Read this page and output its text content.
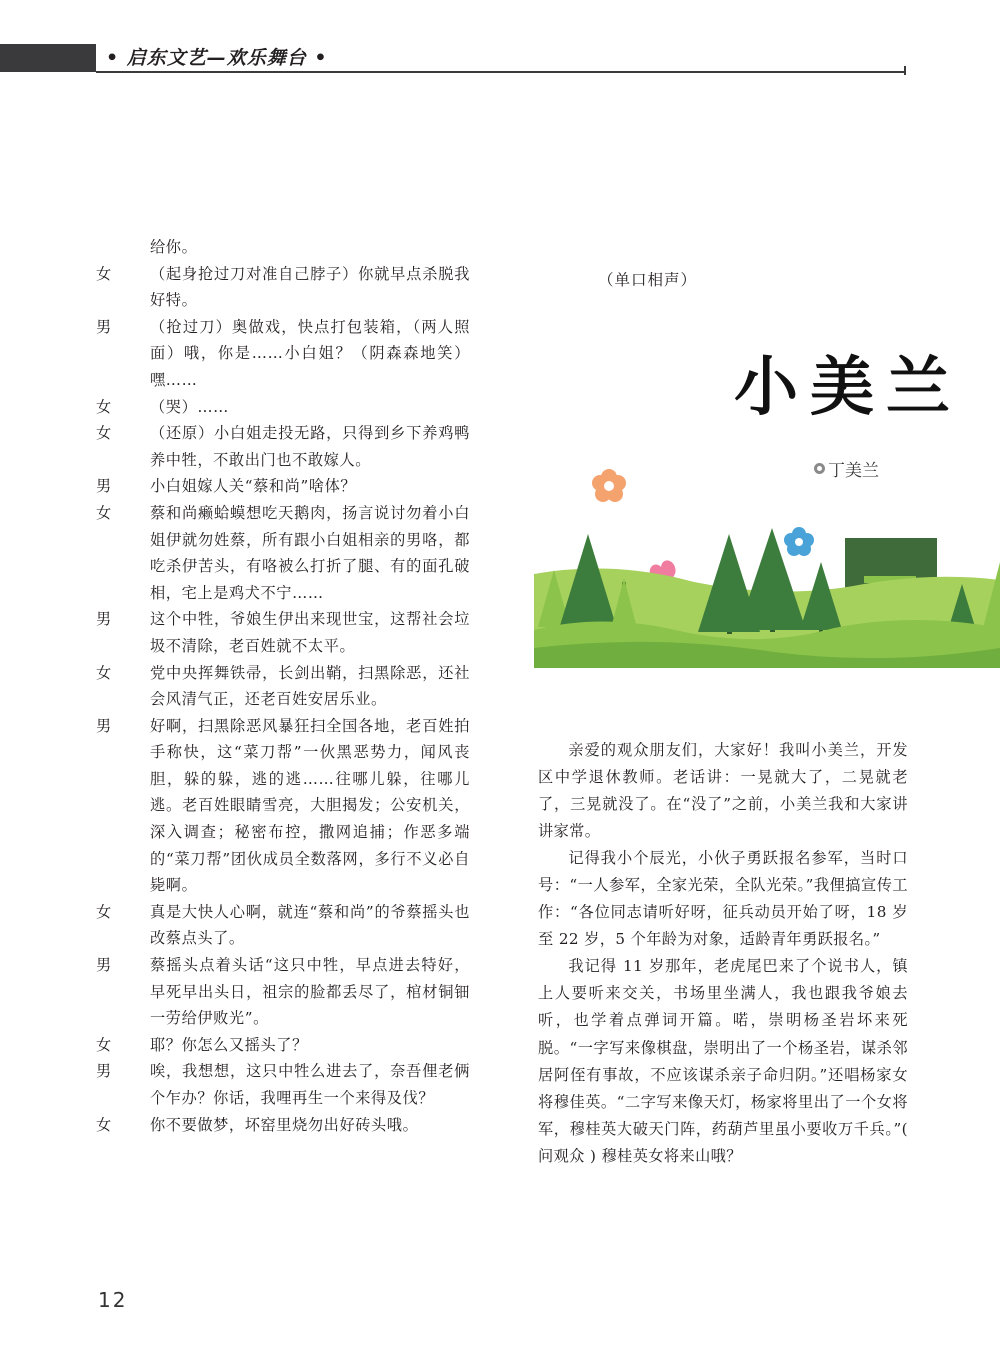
• 启东文艺—欢乐舞台 •
给你。
女	（起身抢过刀对准自己脖子）你就早点杀脱我好特。
男	（抢过刀）奥做戏，快点打包装箱，（两人照面）哦，你是……小白姐？（阴森森地笑）嘿……
女	（哭）……
女	（还原）小白姐走投无路，只得到乡下养鸡鸭养中牲，不敢出门也不敢嫁人。
男	小白姐嫁人关“蔡和尚”啥体？
女	蔡和尚癞蛤蟆想吃天鹅肉，扬言说讨勿着小白姐伊就勿姓蔡，所有跟小白姐相亲的男咯，都吃杀伊苦头，有咯被么打折了腿、有的面孔破相，宅上是鸡犬不宁……
男	这个中牲，爷娘生伊出来现世宝，这帮社会垃圾不清除，老百姓就不太平。
女	党中央挥舞铁帚，长剑出鞘，扫黑除恶，还社会风清气正，还老百姓安居乐业。
男	好啊，扫黑除恶风暴狂扫全国各地，老百姓拍手称快，这“菜刀帮”一伙黑恶势力，闻风丧胆，躲的躲，逃的逃……往哪儿躲，往哪儿逃。老百姓眼睛雪亮，大胆揭发；公安机关，深入调查；秘密布控，撒网追捕；作恶多端的“菜刀帮”团伙成员全数落网，多行不义必自毙啊。
女	真是大快人心啊，就连“蔡和尚”的爷蔡摇头也改蔡点头了。
男	蔡摇头点着头话“这只中牲，早点进去特好，早死早出头日，祖宗的脸都丢尽了，棺材铜钿一劳给伊败光”。
女	耶？你怎么又摇头了？
男	唉，我想想，这只中牲么进去了，奈吾俚老俩个乍办？你话，我哩再生一个来得及伐？
女	你不要做梦，坏窑里烧勿出好砖头哦。
（单口相声）
小美兰
丁美兰

亲爱的观众朋友们，大家好！我叫小美兰，开发区中学退休教师。老话讲：一晃就大了，二晃就老了，三晃就没了。在“没了”之前，小美兰我和大家讲讲家常。

记得我小个辰光，小伙子勇跃报名参军，当时口号：“一人参军，全家光荣，全队光荣。”我俚搞宣传工作：“各位同志请听好呀，征兵动员开始了呀，18 岁至 22 岁，5 个年龄为对象，适龄青年勇跃报名。”

我记得 11 岁那年，老虎尾巴来了个说书人，镇上人要听来交关，书场里坐满人，我也跟我爷娘去听，也学着点弹词开篇。喏，崇明杨圣岩坏来死脱。“一字写来像棋盘，崇明出了一个杨圣岩，谋杀邻居阿侄有事故，不应该谋杀亲子命归阴。”还唱杨家女将穆佳英。“二字写来像天灯，杨家将里出了一个女将军，穆桂英大破天门阵，药葫芦里虽小要收万千兵。”( 问观众 ) 穆桂英女将来山哦？

12
